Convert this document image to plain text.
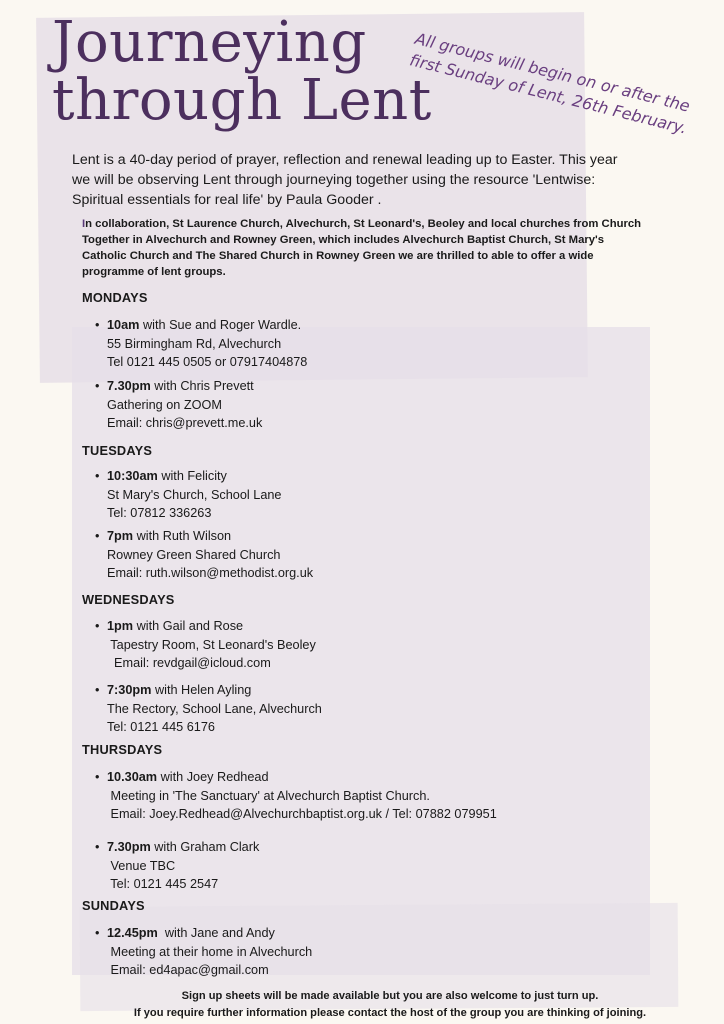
Journeying
through Lent
All groups will begin on or after the first Sunday of Lent, 26th February.

Lent is a 40-day period of prayer, reflection and renewal leading up to Easter. This year we will be observing Lent through journeying together using the resource 'Lentwise: Spiritual essentials for real life' by Paula Gooder .

In collaboration, St Laurence Church, Alvechurch, St Leonard's, Beoley and local churches from Church Together in Alvechurch and Rowney Green, which includes Alvechurch Baptist Church, St Mary's Catholic Church and The Shared Church in Rowney Green we are thrilled to able to offer a wide programme of lent groups.

MONDAYS
• 10am with Sue and Roger Wardle.
55 Birmingham Rd, Alvechurch
Tel 0121 445 0505 or 07917404878
• 7.30pm with Chris Prevett
Gathering on ZOOM
Email: chris@prevett.me.uk
TUESDAYS
• 10:30am with Felicity
St Mary's Church, School Lane
Tel: 07812 336263
• 7pm with Ruth Wilson
Rowney Green Shared Church
Email: ruth.wilson@methodist.org.uk
WEDNESDAYS
• 1pm with Gail and Rose
Tapestry Room, St Leonard's Beoley
Email: revdgail@icloud.com
• 7:30pm with Helen Ayling
The Rectory, School Lane, Alvechurch
Tel: 0121 445 6176
THURSDAYS
• 10.30am with Joey Redhead
Meeting in 'The Sanctuary' at Alvechurch Baptist Church.
Email: Joey.Redhead@Alvechurchbaptist.org.uk / Tel: 07882 079951
• 7.30pm with Graham Clark
Venue TBC
Tel: 0121 445 2547
SUNDAYS
• 12.45pm  with Jane and Andy
Meeting at their home in Alvechurch
Email: ed4apac@gmail.com
Sign up sheets will be made available but you are also welcome to just turn up.
If you require further information please contact the host of the group you are thinking of joining.
